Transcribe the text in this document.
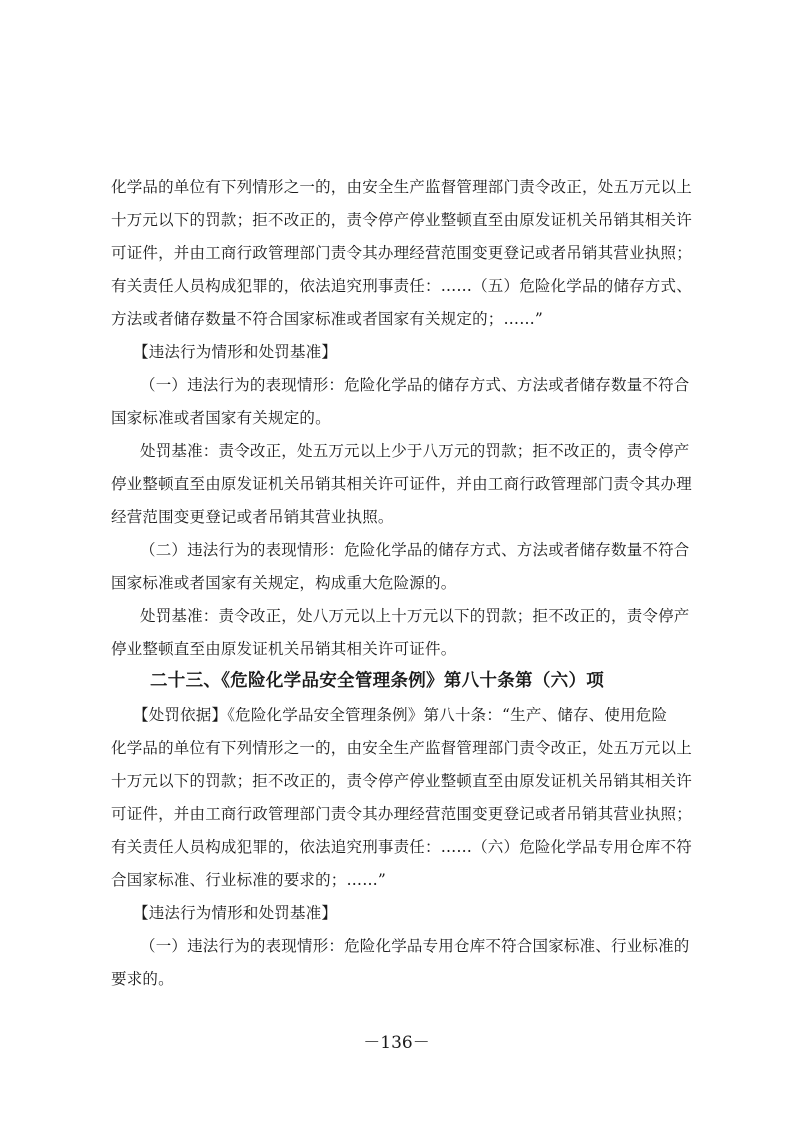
化学品的单位有下列情形之一的，由安全生产监督管理部门责令改正，处五万元以上
十万元以下的罚款；拒不改正的，责令停产停业整顿直至由原发证机关吊销其相关许
可证件，并由工商行政管理部门责令其办理经营范围变更登记或者吊销其营业执照；
有关责任人员构成犯罪的，依法追究刑事责任：……（五）危险化学品的储存方式、
方法或者储存数量不符合国家标准或者国家有关规定的；……”
【违法行为情形和处罚基准】
（一）违法行为的表现情形：危险化学品的储存方式、方法或者储存数量不符合
国家标准或者国家有关规定的。
处罚基准：责令改正，处五万元以上少于八万元的罚款；拒不改正的，责令停产
停业整顿直至由原发证机关吊销其相关许可证件，并由工商行政管理部门责令其办理
经营范围变更登记或者吊销其营业执照。
（二）违法行为的表现情形：危险化学品的储存方式、方法或者储存数量不符合
国家标准或者国家有关规定，构成重大危险源的。
处罚基准：责令改正，处八万元以上十万元以下的罚款；拒不改正的，责令停产
停业整顿直至由原发证机关吊销其相关许可证件。
二十三、《危险化学品安全管理条例》第八十条第（六）项
【处罚依据】《危险化学品安全管理条例》第八十条：“生产、储存、使用危险
化学品的单位有下列情形之一的，由安全生产监督管理部门责令改正，处五万元以上
十万元以下的罚款；拒不改正的，责令停产停业整顿直至由原发证机关吊销其相关许
可证件，并由工商行政管理部门责令其办理经营范围变更登记或者吊销其营业执照；
有关责任人员构成犯罪的，依法追究刑事责任：……（六）危险化学品专用仓库不符
合国家标准、行业标准的要求的；……”
【违法行为情形和处罚基准】
（一）违法行为的表现情形：危险化学品专用仓库不符合国家标准、行业标准的
要求的。
－136－
